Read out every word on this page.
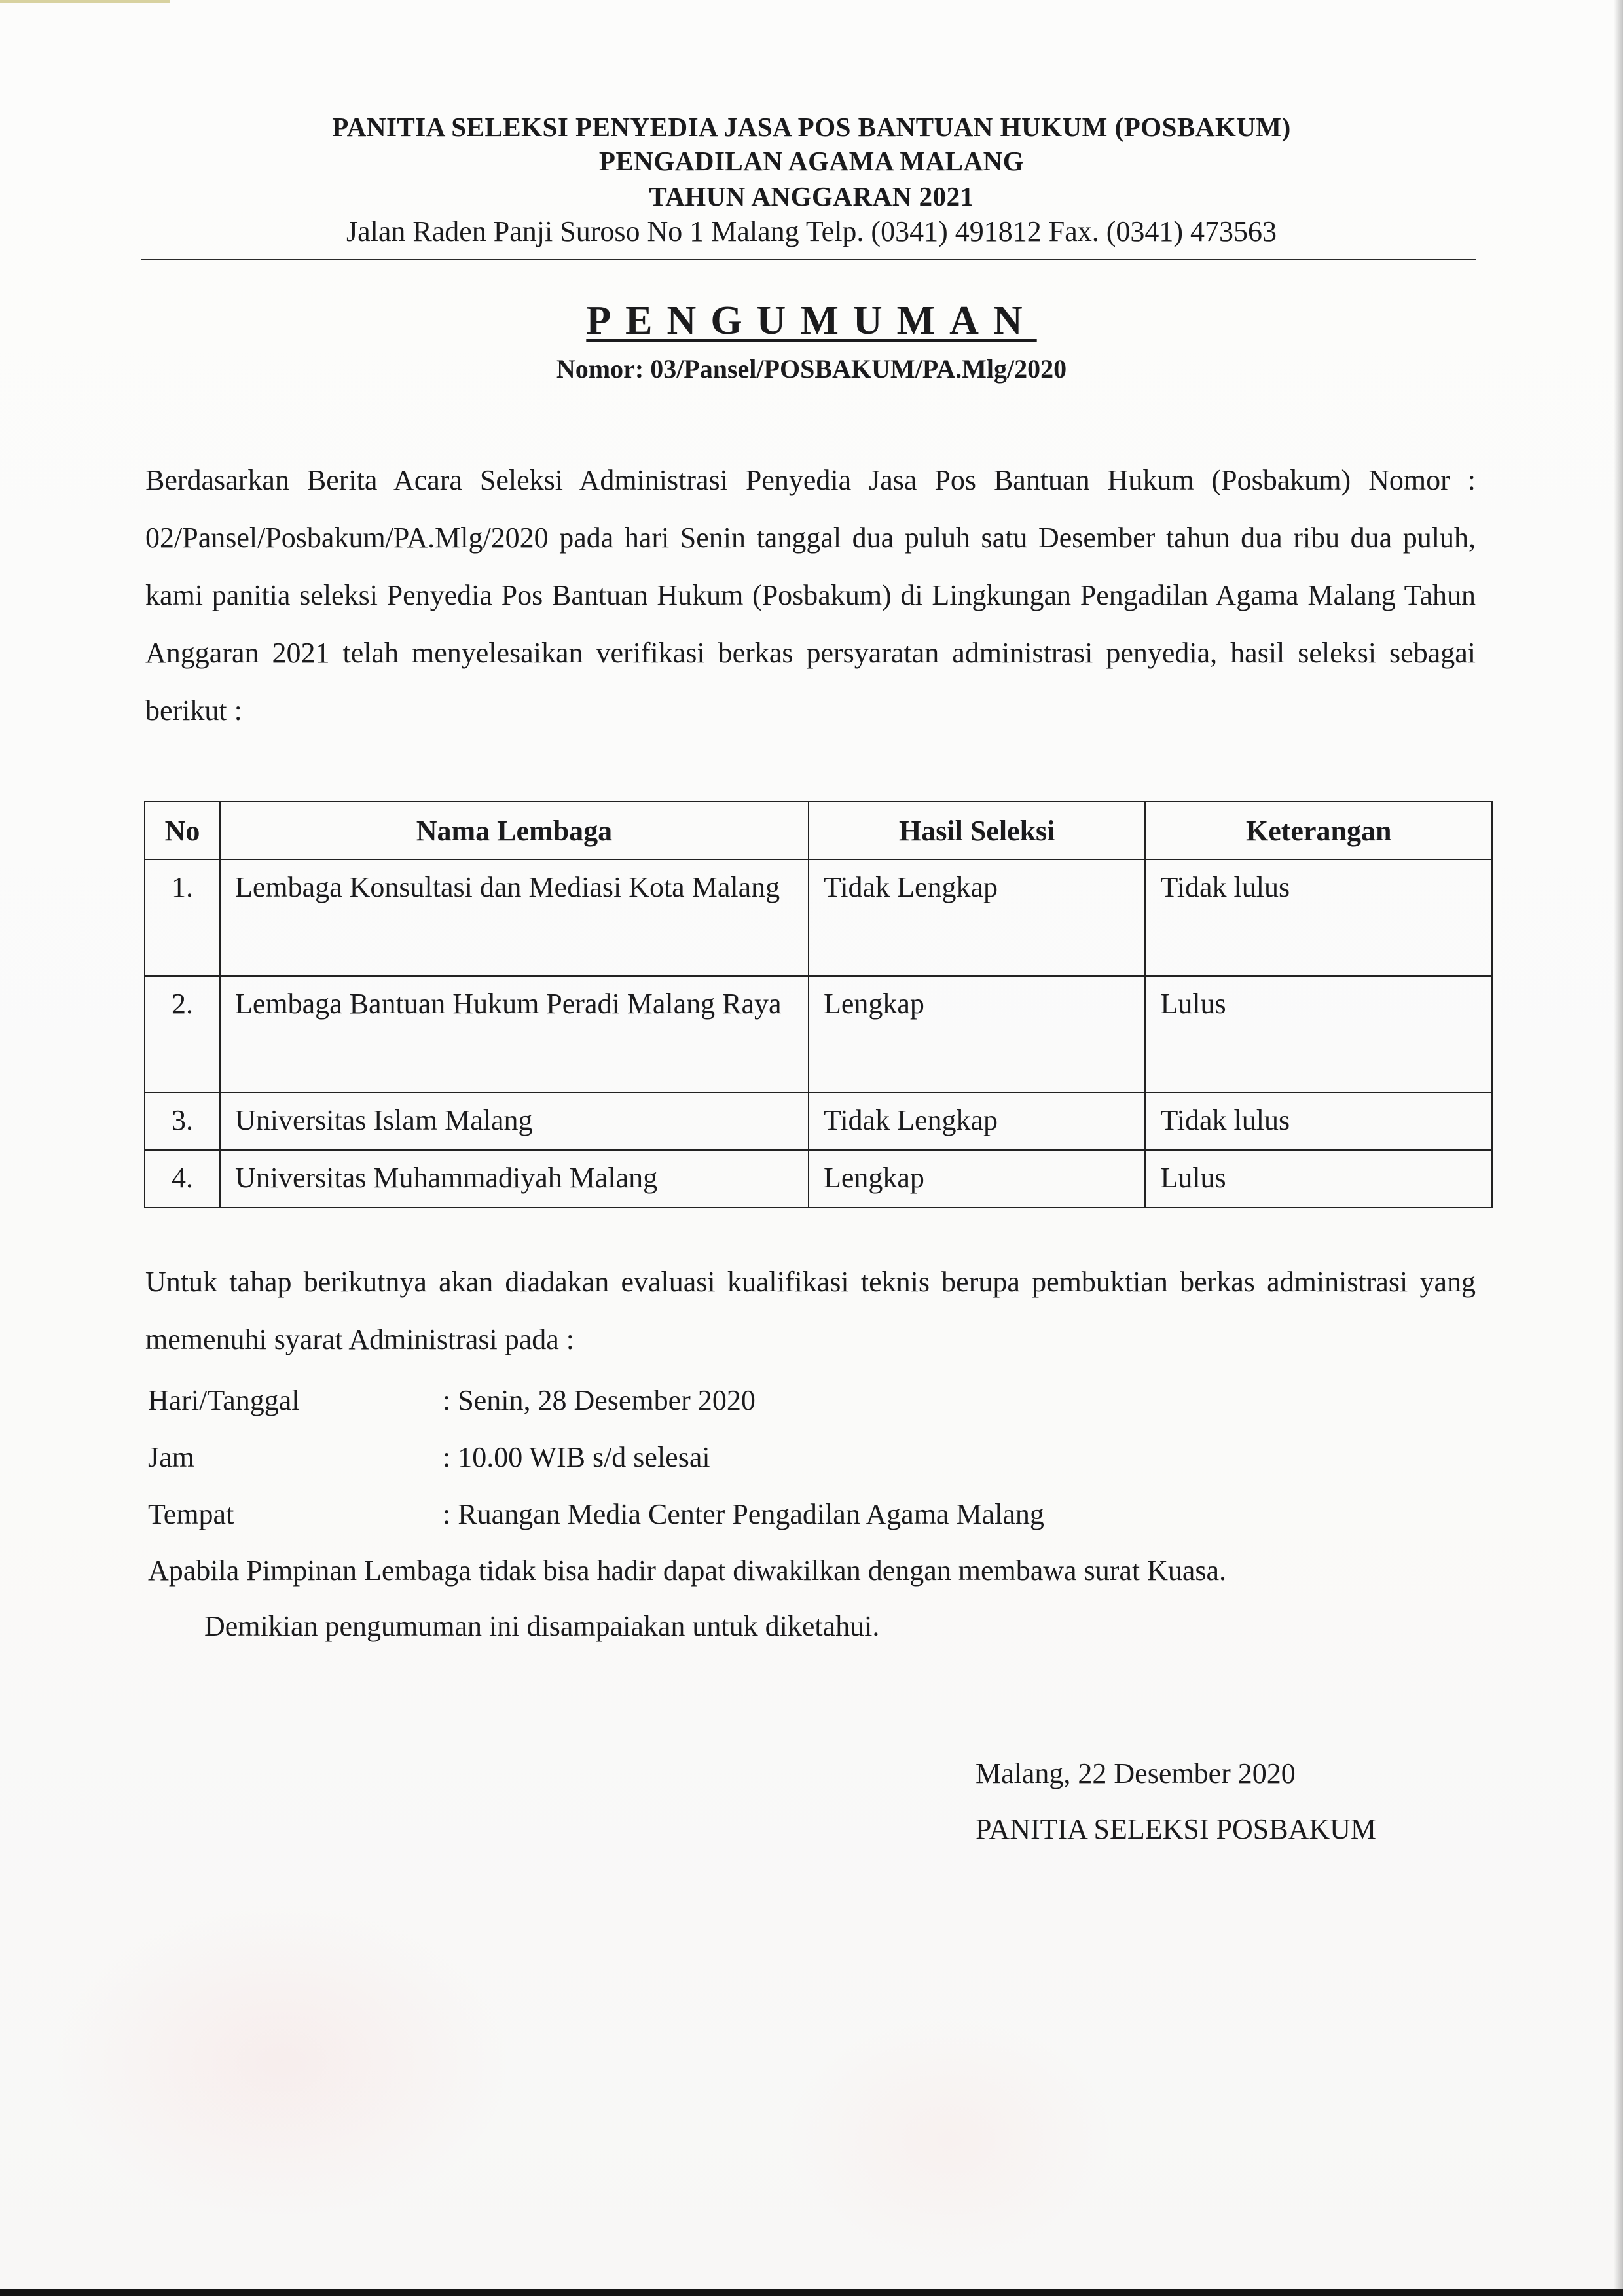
PANITIA SELEKSI PENYEDIA JASA POS BANTUAN HUKUM (POSBAKUM)
PENGADILAN AGAMA MALANG
TAHUN ANGGARAN 2021
Jalan Raden Panji Suroso No 1 Malang Telp. (0341) 491812 Fax. (0341) 473563
PENGUMUMAN
Nomor: 03/Pansel/POSBAKUM/PA.Mlg/2020

Berdasarkan Berita Acara Seleksi Administrasi Penyedia Jasa Pos Bantuan Hukum (Posbakum) Nomor : 02/Pansel/Posbakum/PA.Mlg/2020 pada hari Senin tanggal dua puluh satu Desember tahun dua ribu dua puluh, kami panitia seleksi Penyedia Pos Bantuan Hukum (Posbakum) di Lingkungan Pengadilan Agama Malang Tahun Anggaran 2021 telah menyelesaikan verifikasi berkas persyaratan administrasi penyedia, hasil seleksi sebagai berikut :

No	Nama Lembaga	Hasil Seleksi	Keterangan
1.	Lembaga Konsultasi dan Mediasi Kota Malang	Tidak Lengkap	Tidak lulus
2.	Lembaga Bantuan Hukum Peradi Malang Raya	Lengkap	Lulus
3.	Universitas Islam Malang	Tidak Lengkap	Tidak lulus
4.	Universitas Muhammadiyah Malang	Lengkap	Lulus

Untuk tahap berikutnya akan diadakan evaluasi kualifikasi teknis berupa pembuktian berkas administrasi yang memenuhi syarat Administrasi pada :

Hari/Tanggal	: Senin, 28 Desember 2020
Jam	: 10.00 WIB s/d selesai
Tempat	: Ruangan Media Center Pengadilan Agama Malang
Apabila Pimpinan Lembaga tidak bisa hadir dapat diwakilkan dengan membawa surat Kuasa.
Demikian pengumuman ini disampaiakan untuk diketahui.
Malang, 22 Desember 2020
PANITIA SELEKSI POSBAKUM
